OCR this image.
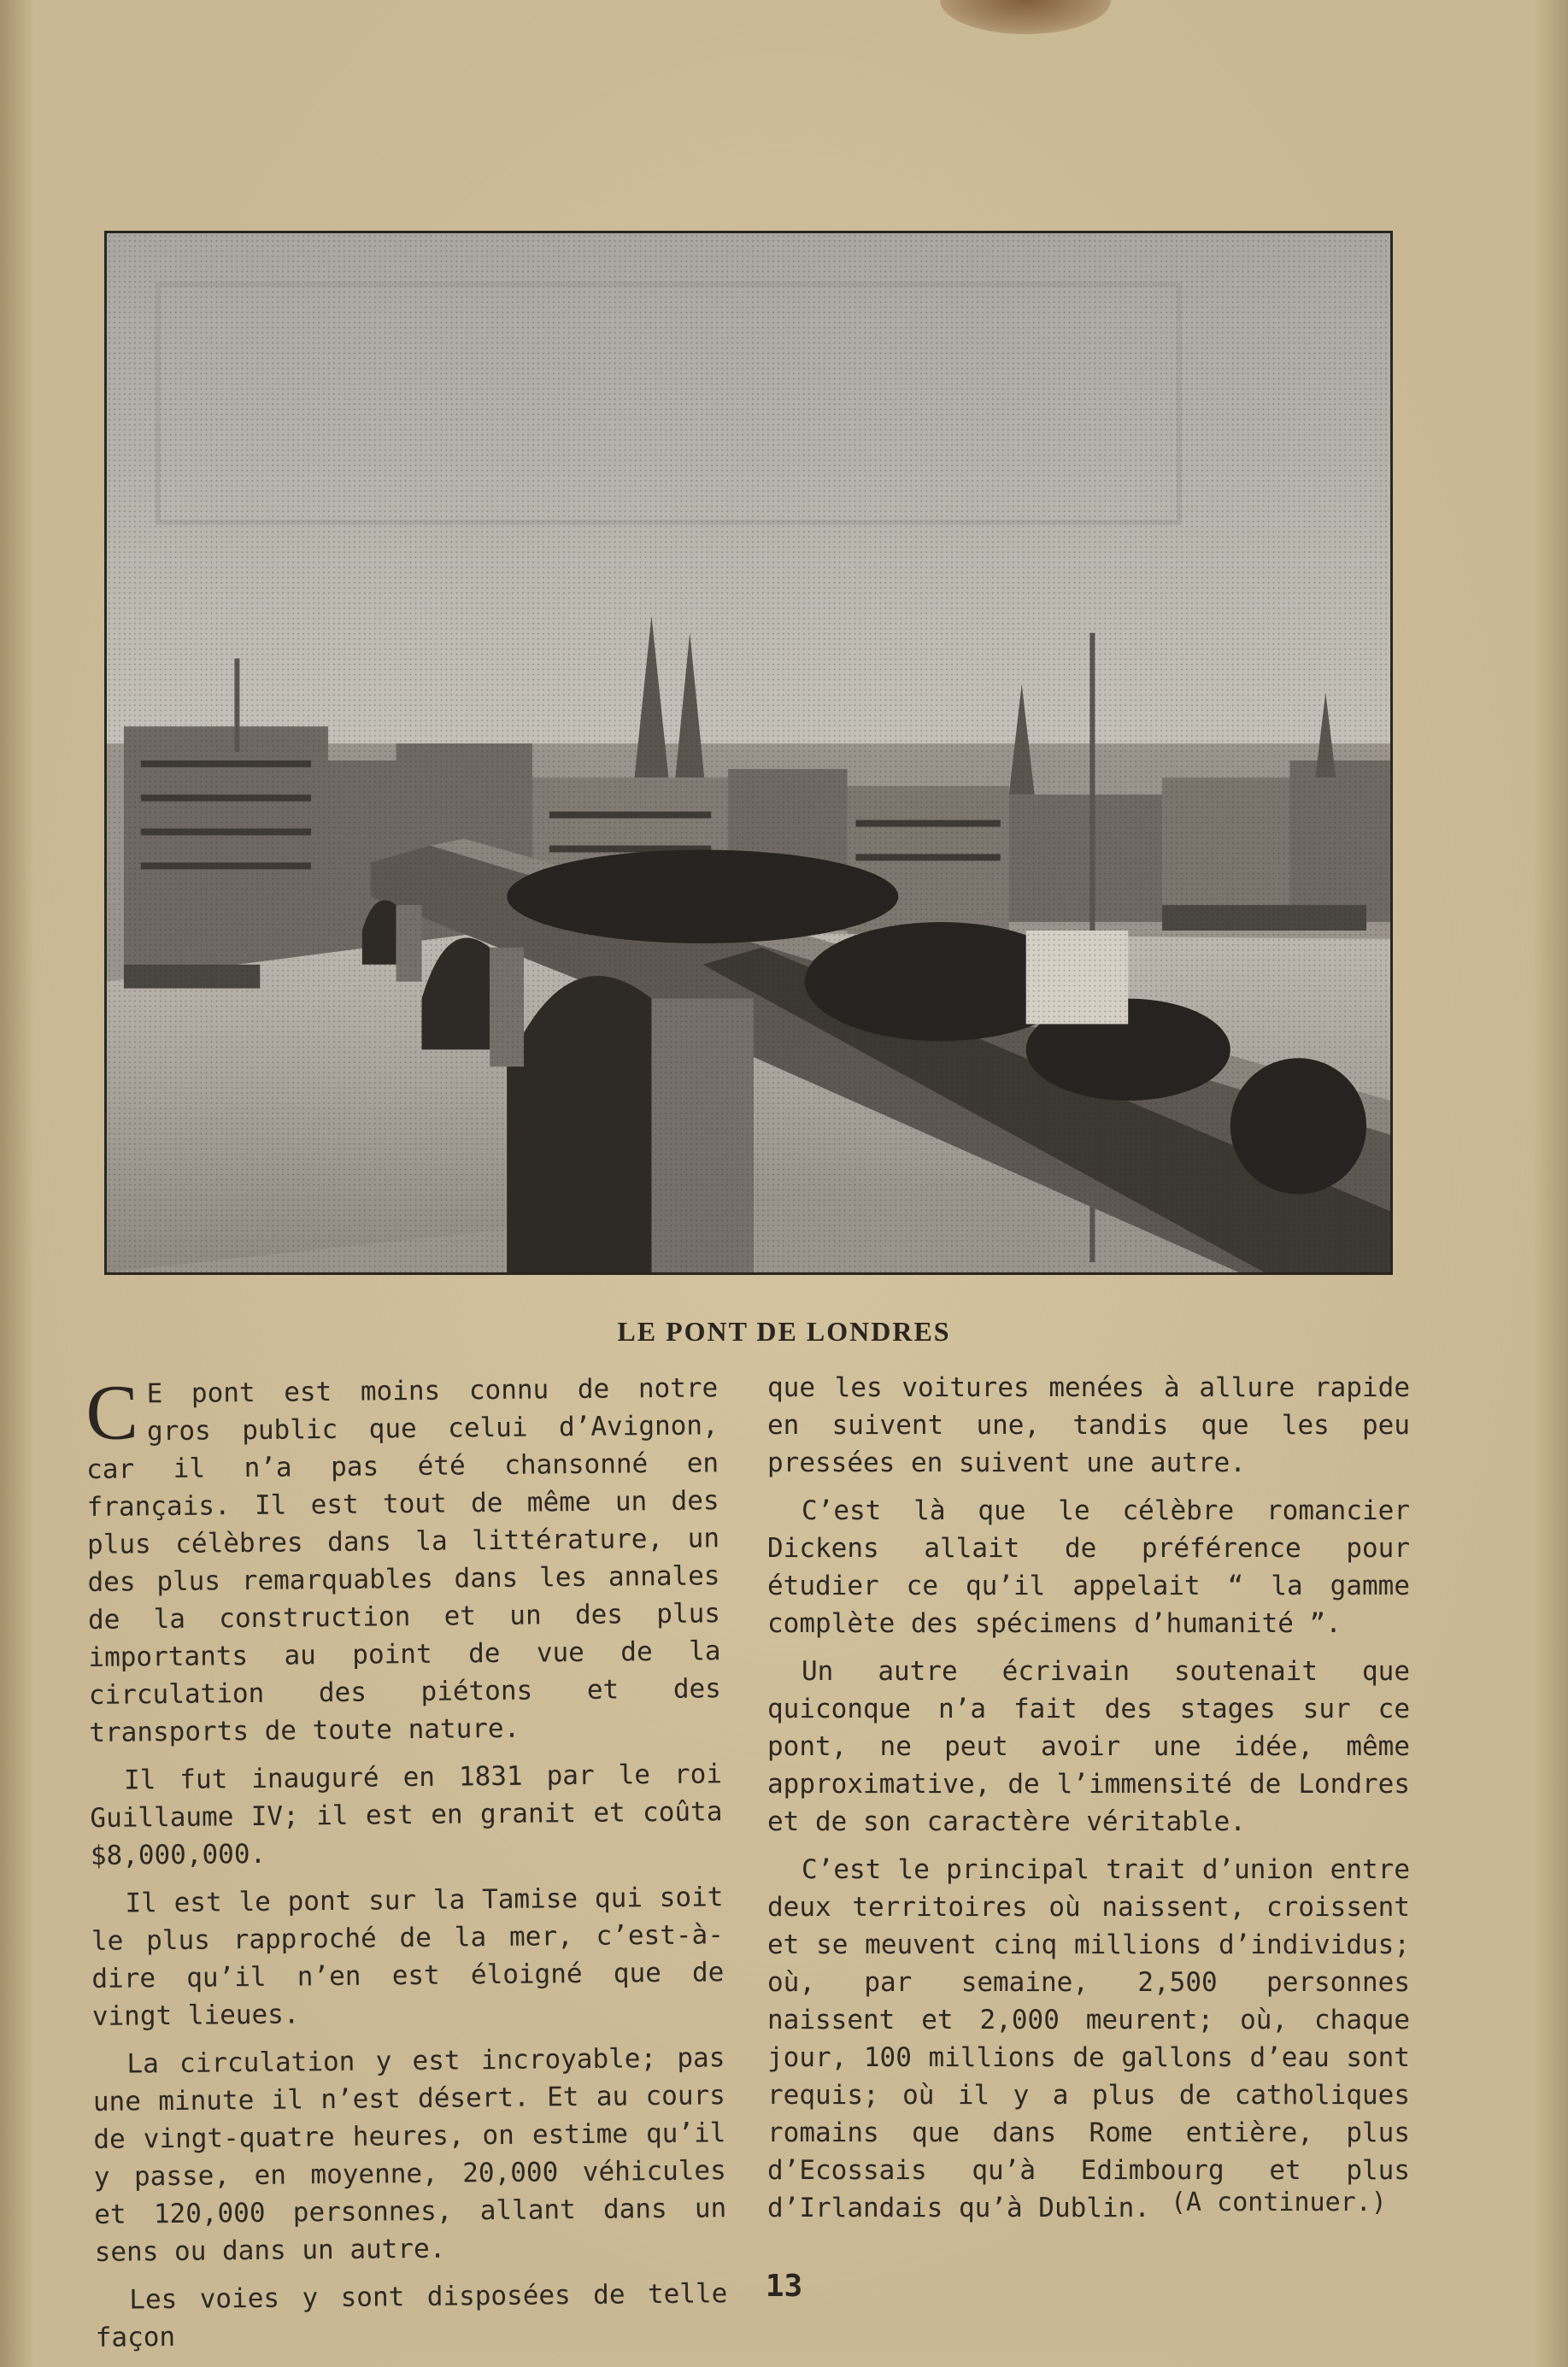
LE PONT DE LONDRES

C E pont est moins connu de notre gros public que celui d’Avignon, car il n’a pas été chansonné en français. Il est tout de même un des plus célèbres dans la littérature, un des plus remarquables dans les annales de la construction et un des plus importants au point de vue de la circulation des piétons et des transports de toute nature.

Il fut inauguré en 1831 par le roi Guillaume IV; il est en granit et coûta $8,000,000.

Il est le pont sur la Tamise qui soit le plus rapproché de la mer, c’est-à-dire qu’il n’en est éloigné que de vingt lieues.

La circulation y est incroyable; pas une minute il n’est désert. Et au cours de vingt-quatre heures, on estime qu’il y passe, en moyenne, 20,000 véhicules et 120,000 personnes, allant dans un sens ou dans un autre.

Les voies y sont disposées de telle façon

que les voitures menées à allure rapide en suivent une, tandis que les peu pressées en suivent une autre.

C’est là que le célèbre romancier Dickens allait de préférence pour étudier ce qu’il appelait “ la gamme complète des spécimens d’humanité ”.

Un autre écrivain soutenait que quiconque n’a fait des stages sur ce pont, ne peut avoir une idée, même approximative, de l’immensité de Londres et de son caractère véritable.

C’est le principal trait d’union entre deux territoires où naissent, croissent et se meuvent cinq millions d’individus; où, par semaine, 2,500 personnes naissent et 2,000 meurent; où, chaque jour, 100 millions de gallons d’eau sont requis; où il y a plus de catholiques romains que dans Rome entière, plus d’Ecossais qu’à Edimbourg et plus d’Irlandais qu’à Dublin. (A continuer.)
13
